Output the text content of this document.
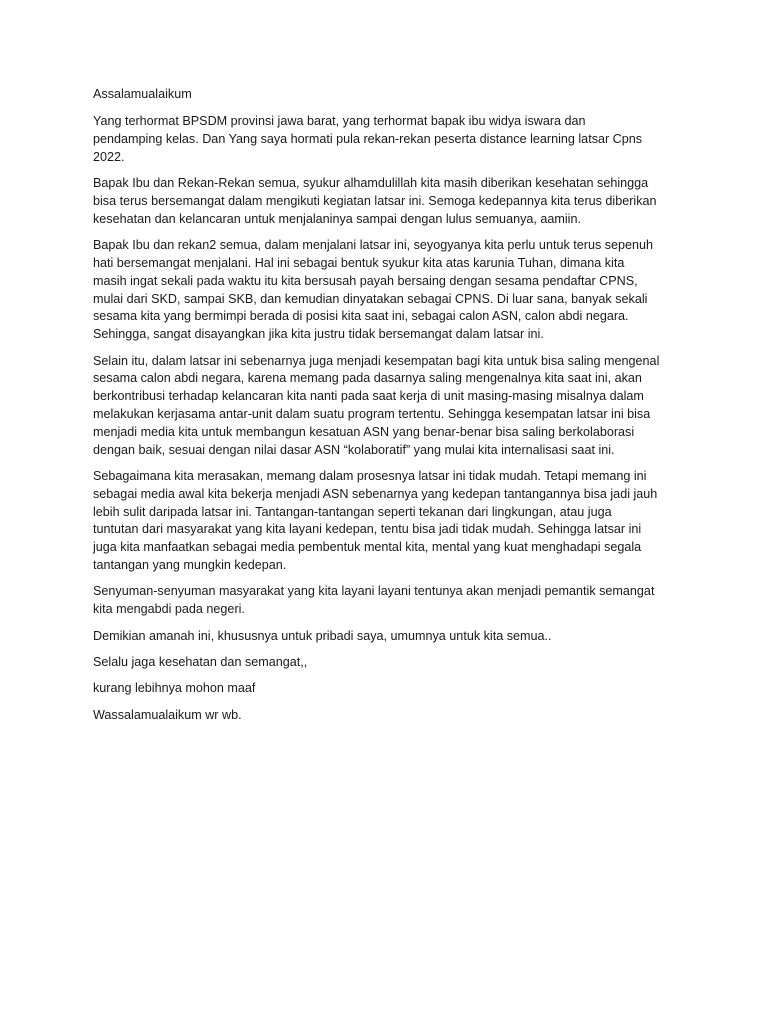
Assalamualaikum

Yang terhormat BPSDM provinsi jawa barat, yang terhormat bapak ibu widya iswara dan
pendamping kelas. Dan Yang saya hormati pula rekan-rekan peserta distance learning latsar Cpns
2022.

Bapak Ibu dan Rekan-Rekan semua, syukur alhamdulillah kita masih diberikan kesehatan sehingga
bisa terus bersemangat dalam mengikuti kegiatan latsar ini. Semoga kedepannya kita terus diberikan
kesehatan dan kelancaran untuk menjalaninya sampai dengan lulus semuanya, aamiin.

Bapak Ibu dan rekan2 semua, dalam menjalani latsar ini, seyogyanya kita perlu untuk terus sepenuh
hati bersemangat menjalani. Hal ini sebagai bentuk syukur kita atas karunia Tuhan, dimana kita
masih ingat sekali pada waktu itu kita bersusah payah bersaing dengan sesama pendaftar CPNS,
mulai dari SKD, sampai SKB, dan kemudian dinyatakan sebagai CPNS. Di luar sana, banyak sekali
sesama kita yang bermimpi berada di posisi kita saat ini, sebagai calon ASN, calon abdi negara.
Sehingga, sangat disayangkan jika kita justru tidak bersemangat dalam latsar ini.

Selain itu, dalam latsar ini sebenarnya juga menjadi kesempatan bagi kita untuk bisa saling mengenal
sesama calon abdi negara, karena memang pada dasarnya saling mengenalnya kita saat ini, akan
berkontribusi terhadap kelancaran kita nanti pada saat kerja di unit masing-masing misalnya dalam
melakukan kerjasama antar-unit dalam suatu program tertentu. Sehingga kesempatan latsar ini bisa
menjadi media kita untuk membangun kesatuan ASN yang benar-benar bisa saling berkolaborasi
dengan baik, sesuai dengan nilai dasar ASN “kolaboratif” yang mulai kita internalisasi saat ini.

Sebagaimana kita merasakan, memang dalam prosesnya latsar ini tidak mudah. Tetapi memang ini
sebagai media awal kita bekerja menjadi ASN sebenarnya yang kedepan tantangannya bisa jadi jauh
lebih sulit daripada latsar ini. Tantangan-tantangan seperti tekanan dari lingkungan, atau juga
tuntutan dari masyarakat yang kita layani kedepan, tentu bisa jadi tidak mudah. Sehingga latsar ini
juga kita manfaatkan sebagai media pembentuk mental kita, mental yang kuat menghadapi segala
tantangan yang mungkin kedepan.

Senyuman-senyuman masyarakat yang kita layani layani tentunya akan menjadi pemantik semangat
kita mengabdi pada negeri.

Demikian amanah ini, khususnya untuk pribadi saya, umumnya untuk kita semua..

Selalu jaga kesehatan dan semangat,,

kurang lebihnya mohon maaf

Wassalamualaikum wr wb.
